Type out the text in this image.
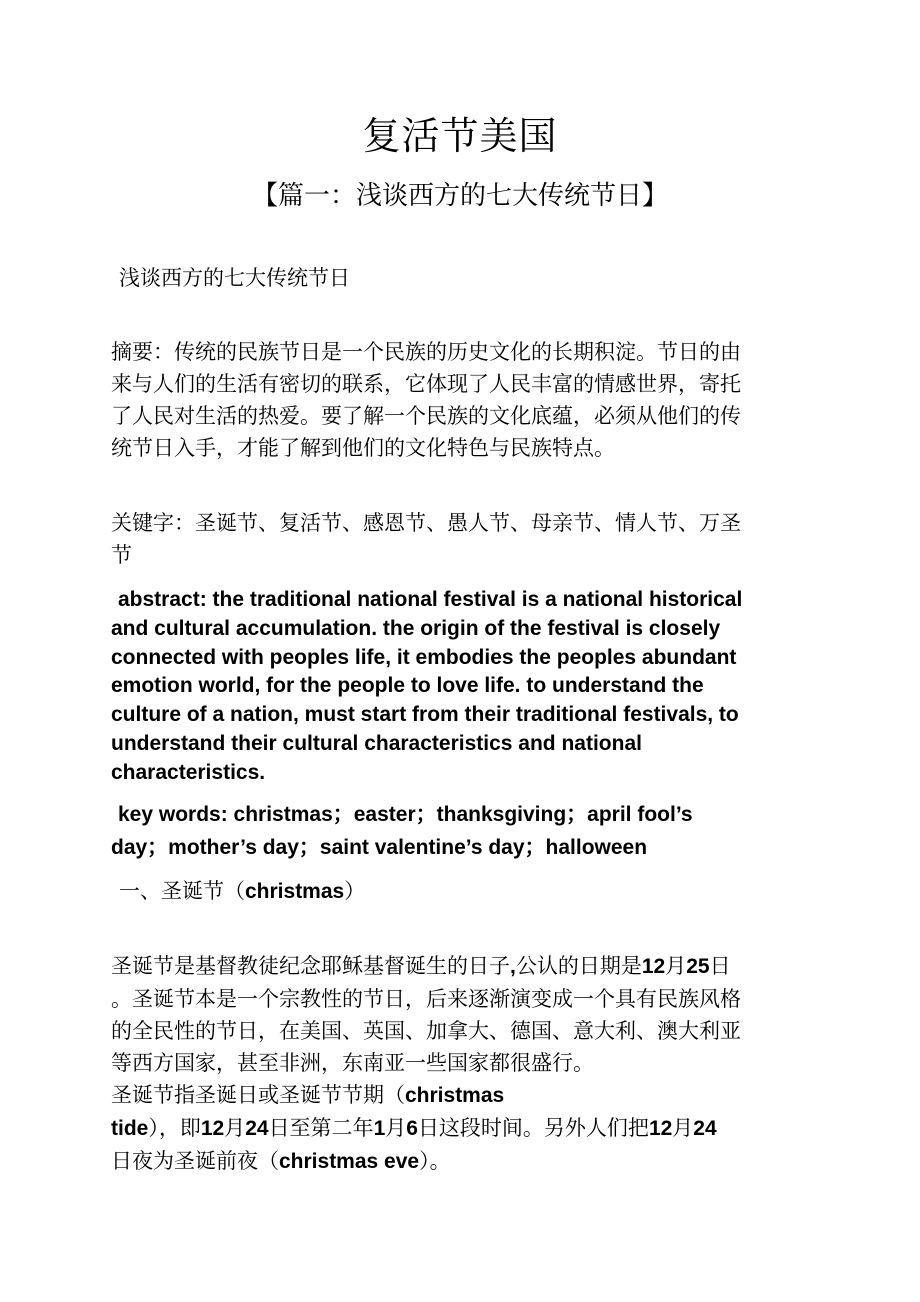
复活节美国
【篇一：浅谈西方的七大传统节日】
浅谈西方的七大传统节日
摘要：传统的民族节日是一个民族的历史文化的长期积淀。节日的由
来与人们的生活有密切的联系，它体现了人民丰富的情感世界，寄托
了人民对生活的热爱。要了解一个民族的文化底蕴，必须从他们的传
统节日入手，才能了解到他们的文化特色与民族特点。
关键字：圣诞节、复活节、感恩节、愚人节、母亲节、情人节、万圣
节
abstract: the traditional national festival is a national historical
and cultural accumulation. the origin of the festival is closely
connected with peoples life, it embodies the peoples abundant
emotion world, for the people to love life. to understand the
culture of a nation, must start from their traditional festivals, to
understand their cultural characteristics and national
characteristics.
key words: christmas；easter；thanksgiving；april fool’s
day；mother’s day；saint valentine’s day；halloween
一、圣诞节（christmas）
圣诞节是基督教徒纪念耶稣基督诞生的日子,公认的日期是12月25日
。圣诞节本是一个宗教性的节日，后来逐渐演变成一个具有民族风格
的全民性的节日，在美国、英国、加拿大、德国、意大利、澳大利亚
等西方国家，甚至非洲，东南亚一些国家都很盛行。
圣诞节指圣诞日或圣诞节节期（christmas
tide），即12月24日至第二年1月6日这段时间。另外人们把12月24
日夜为圣诞前夜（christmas eve）。
